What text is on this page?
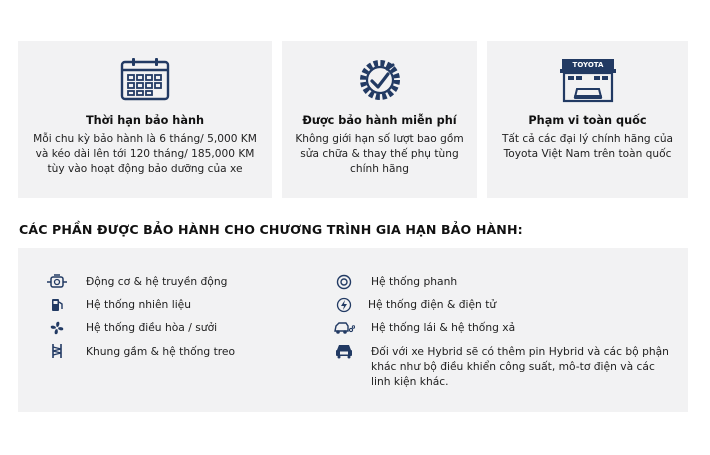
Thời hạn bảo hành

Mỗi chu kỳ bảo hành là 6 tháng/ 5,000 KM
và kéo dài lên tới 120 tháng/ 185,000 KM
tùy vào hoạt động bảo dưỡng của xe

Được bảo hành miễn phí

Không giới hạn số lượt bao gồm
sửa chữa & thay thế phụ tùng
chính hãng

TOYOTA
Phạm vi toàn quốc

Tất cả các đại lý chính hãng của
Toyota Việt Nam trên toàn quốc

CÁC PHẦN ĐƯỢC BẢO HÀNH CHO CHƯƠNG TRÌNH GIA HẠN BẢO HÀNH:
Động cơ & hệ truyền động
Hệ thống nhiên liệu
Hệ thống điều hòa / sưởi
Khung gầm & hệ thống treo
Hệ thống phanh
Hệ thống điện & điện tử
Hệ thống lái & hệ thống xả
Đối với xe Hybrid sẽ có thêm pin Hybrid và các bộ phận
khác như bộ điều khiển công suất, mô-tơ điện và các
linh kiện khác.
